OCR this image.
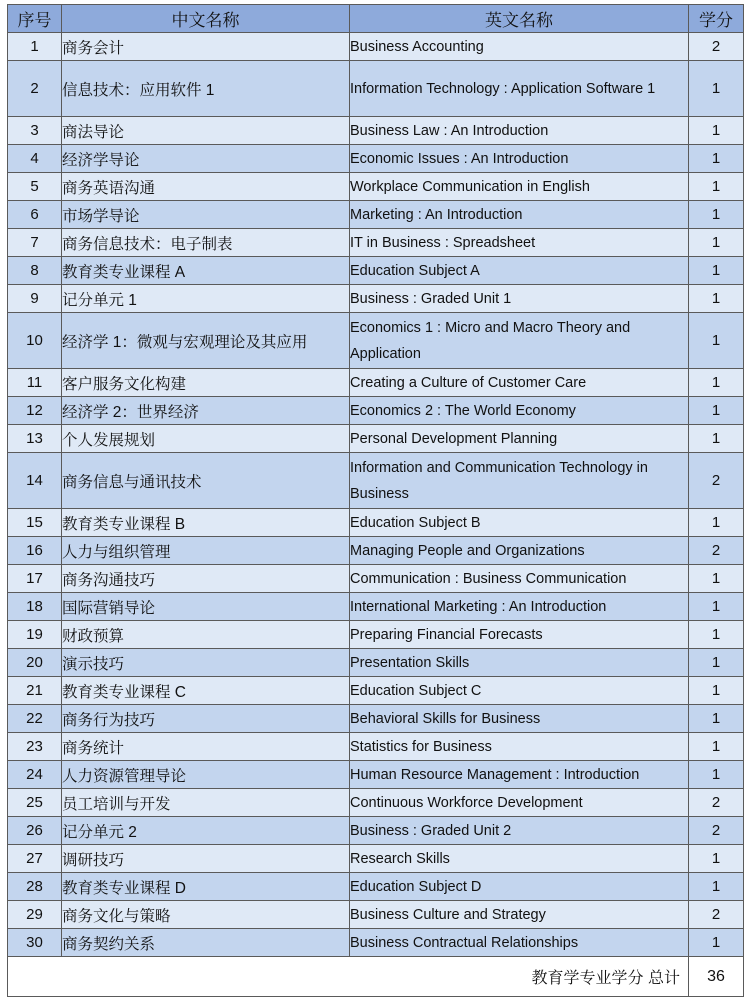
序号	中文名称	英文名称	学分
1	商务会计	Business Accounting	2
2	信息技术：应用软件 1	Information Technology : Application Software 1	1
3	商法导论	Business Law : An Introduction	1
4	经济学导论	Economic Issues : An Introduction	1
5	商务英语沟通	Workplace Communication in English	1
6	市场学导论	Marketing : An Introduction	1
7	商务信息技术：电子制表	IT in Business : Spreadsheet	1
8	教育类专业课程 A	Education Subject A	1
9	记分单元 1	Business : Graded Unit 1	1
10	经济学 1：微观与宏观理论及其应用	Economics 1 : Micro and Macro Theory and Application	1
11	客户服务文化构建	Creating a Culture of Customer Care	1
12	经济学 2：世界经济	Economics 2 : The World Economy	1
13	个人发展规划	Personal Development Planning	1
14	商务信息与通讯技术	Information and Communication Technology in Business	2
15	教育类专业课程 B	Education Subject B	1
16	人力与组织管理	Managing People and Organizations	2
17	商务沟通技巧	Communication : Business Communication	1
18	国际营销导论	International Marketing : An Introduction	1
19	财政预算	Preparing Financial Forecasts	1
20	演示技巧	Presentation Skills	1
21	教育类专业课程 C	Education Subject C	1
22	商务行为技巧	Behavioral Skills for Business	1
23	商务统计	Statistics for Business	1
24	人力资源管理导论	Human Resource Management : Introduction	1
25	员工培训与开发	Continuous Workforce Development	2
26	记分单元 2	Business : Graded Unit 2	2
27	调研技巧	Research Skills	1
28	教育类专业课程 D	Education Subject D	1
29	商务文化与策略	Business Culture and Strategy	2
30	商务契约关系	Business Contractual Relationships	1
教育学专业学分 总计			36
